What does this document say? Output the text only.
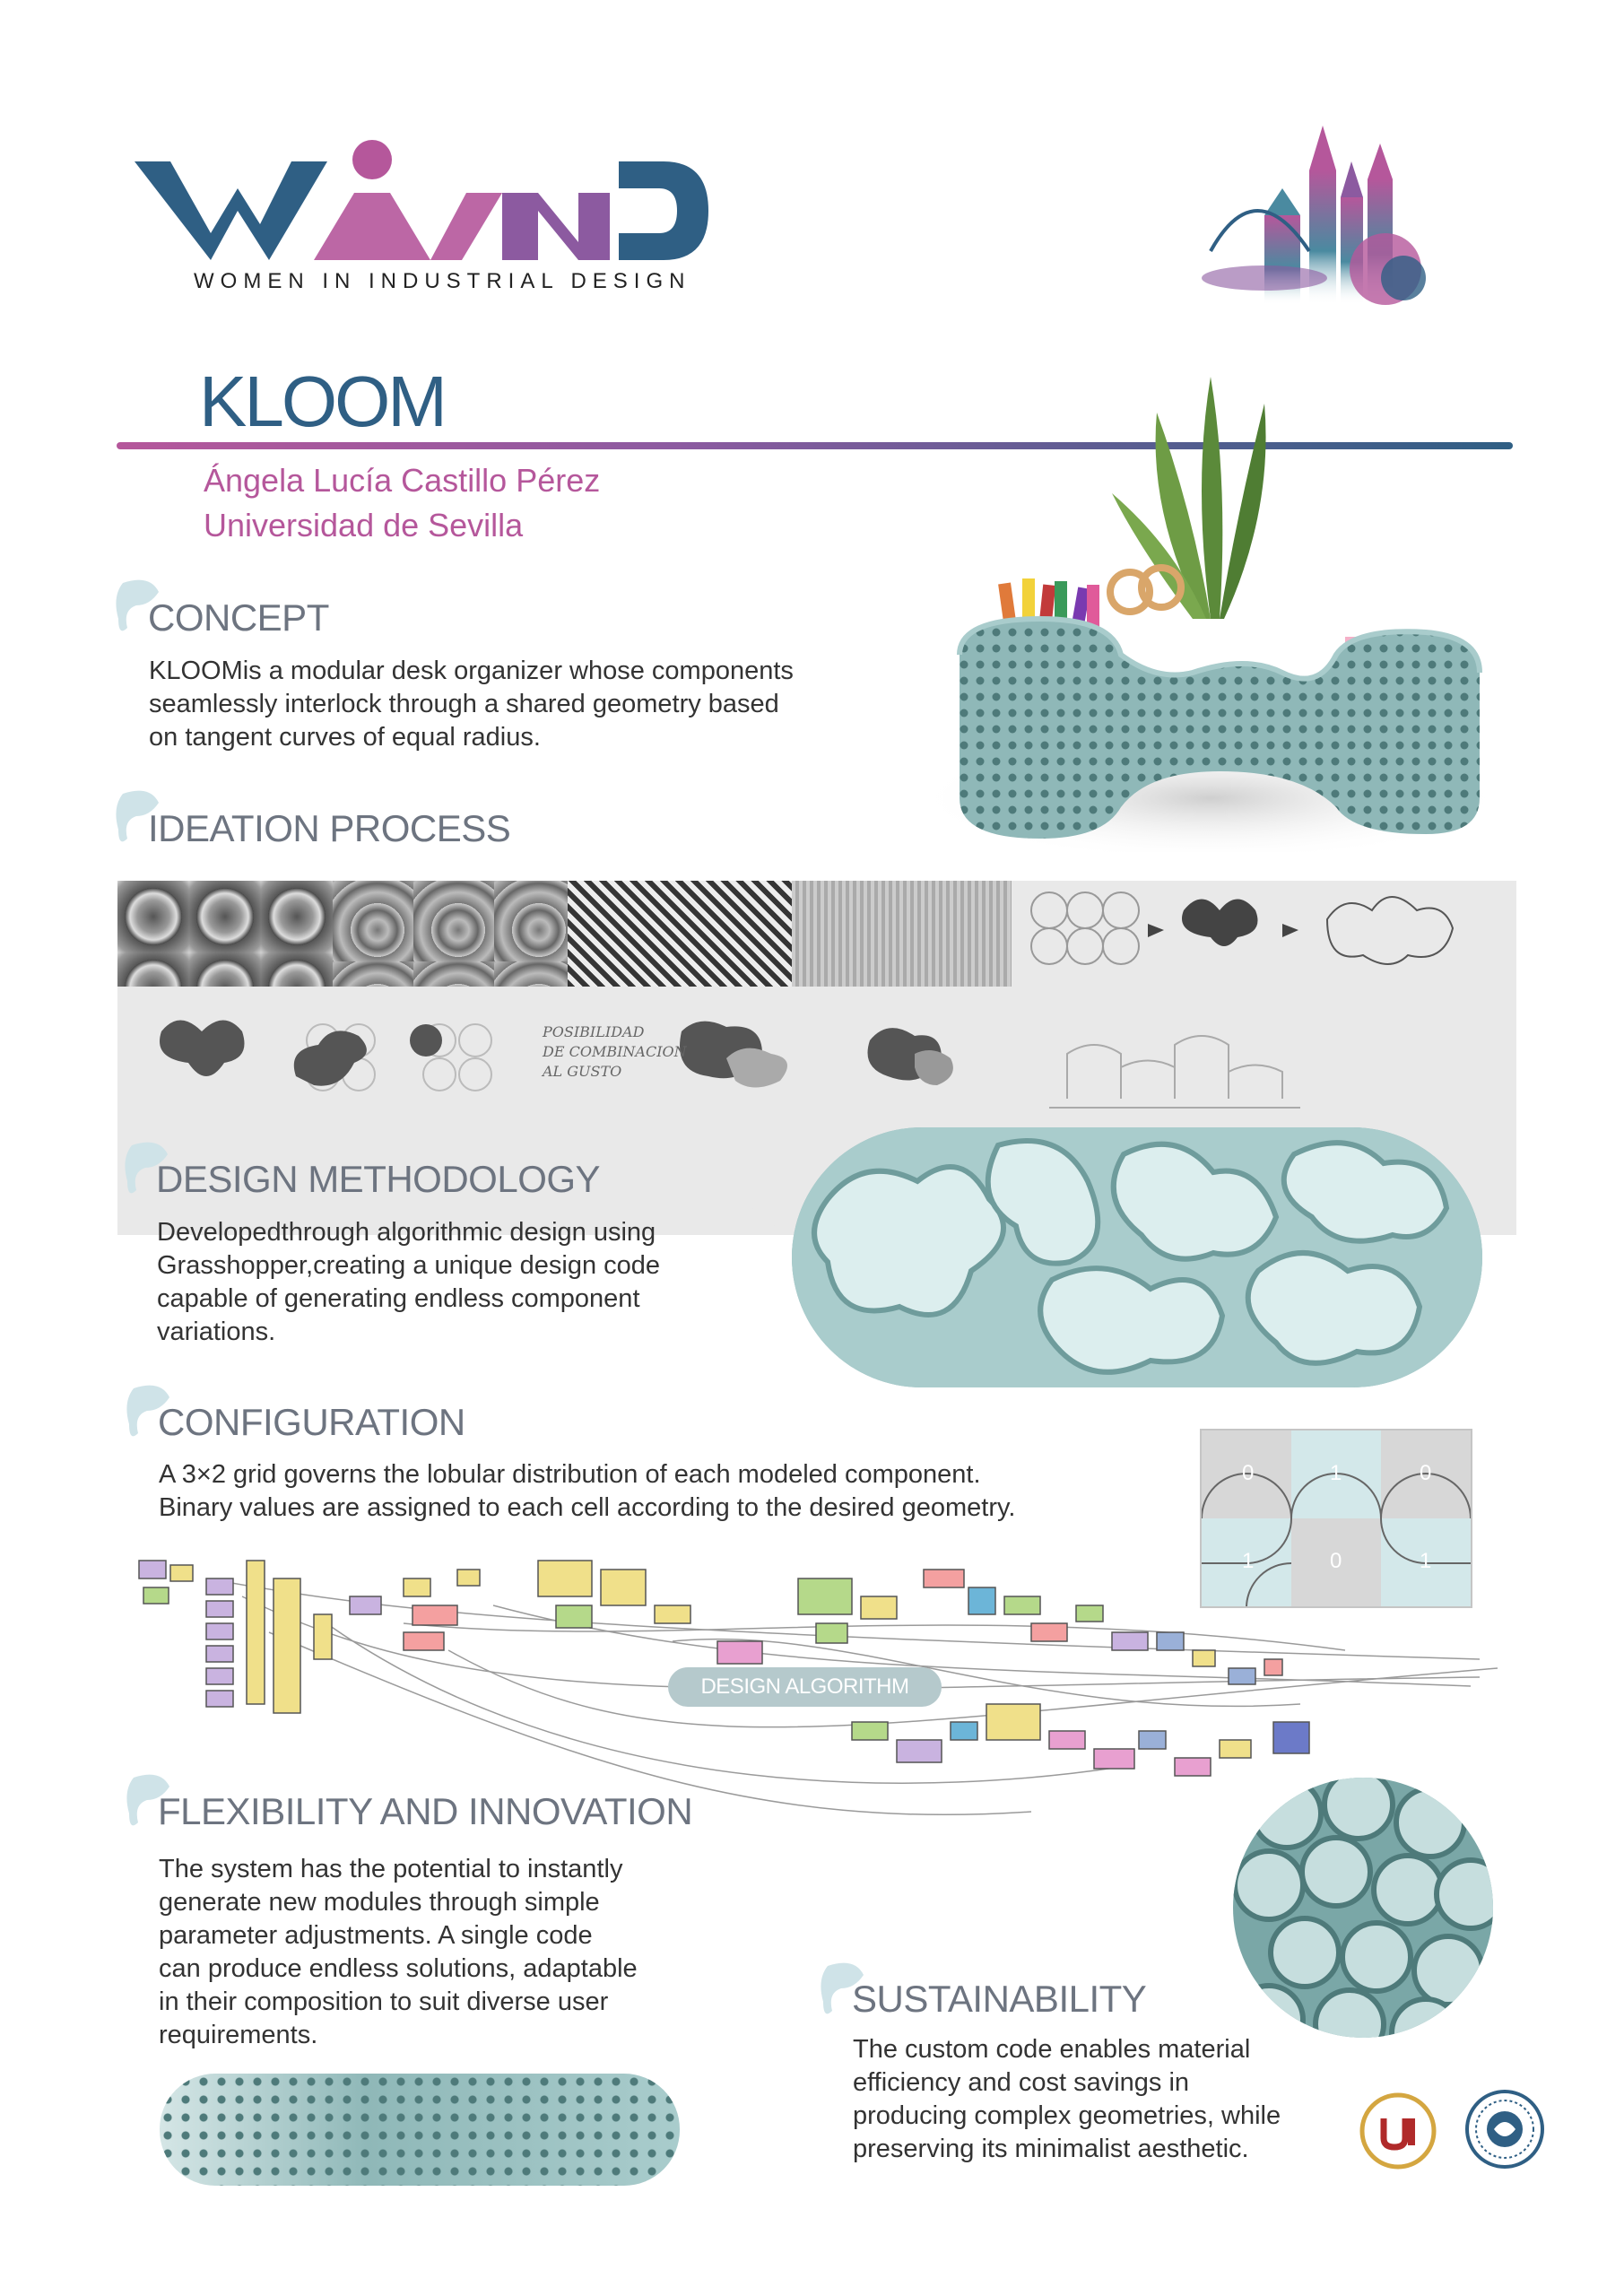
WOMEN IN INDUSTRIAL DESIGN
KLOOM
Ángela Lucía Castillo Pérez
Universidad de Sevilla
CONCEPT

KLOOMis a modular desk organizer whose components

seamlessly interlock through a shared geometry based

on tangent curves of equal radius.

IDEATION PROCESS
POSIBILIDAD
DE COMBINACION
AL GUSTO
DESIGN METHODOLOGY

Developedthrough algorithmic design using

Grasshopper,creating a unique design code

capable of generating endless component

variations.

CONFIGURATION

A 3×2 grid governs the lobular distribution of each modeled component.

Binary values are assigned to each cell according to the desired geometry.

0	1	0
1	0	1
DESIGN ALGORITHM
FLEXIBILITY AND INNOVATION

The system has the potential to instantly

generate new modules through simple

parameter adjustments. A single code

can produce endless solutions, adaptable

in their composition to suit diverse user

requirements.

SUSTAINABILITY

The custom code enables material

efficiency and cost savings in

producing complex geometries, while

preserving its minimalist aesthetic.
